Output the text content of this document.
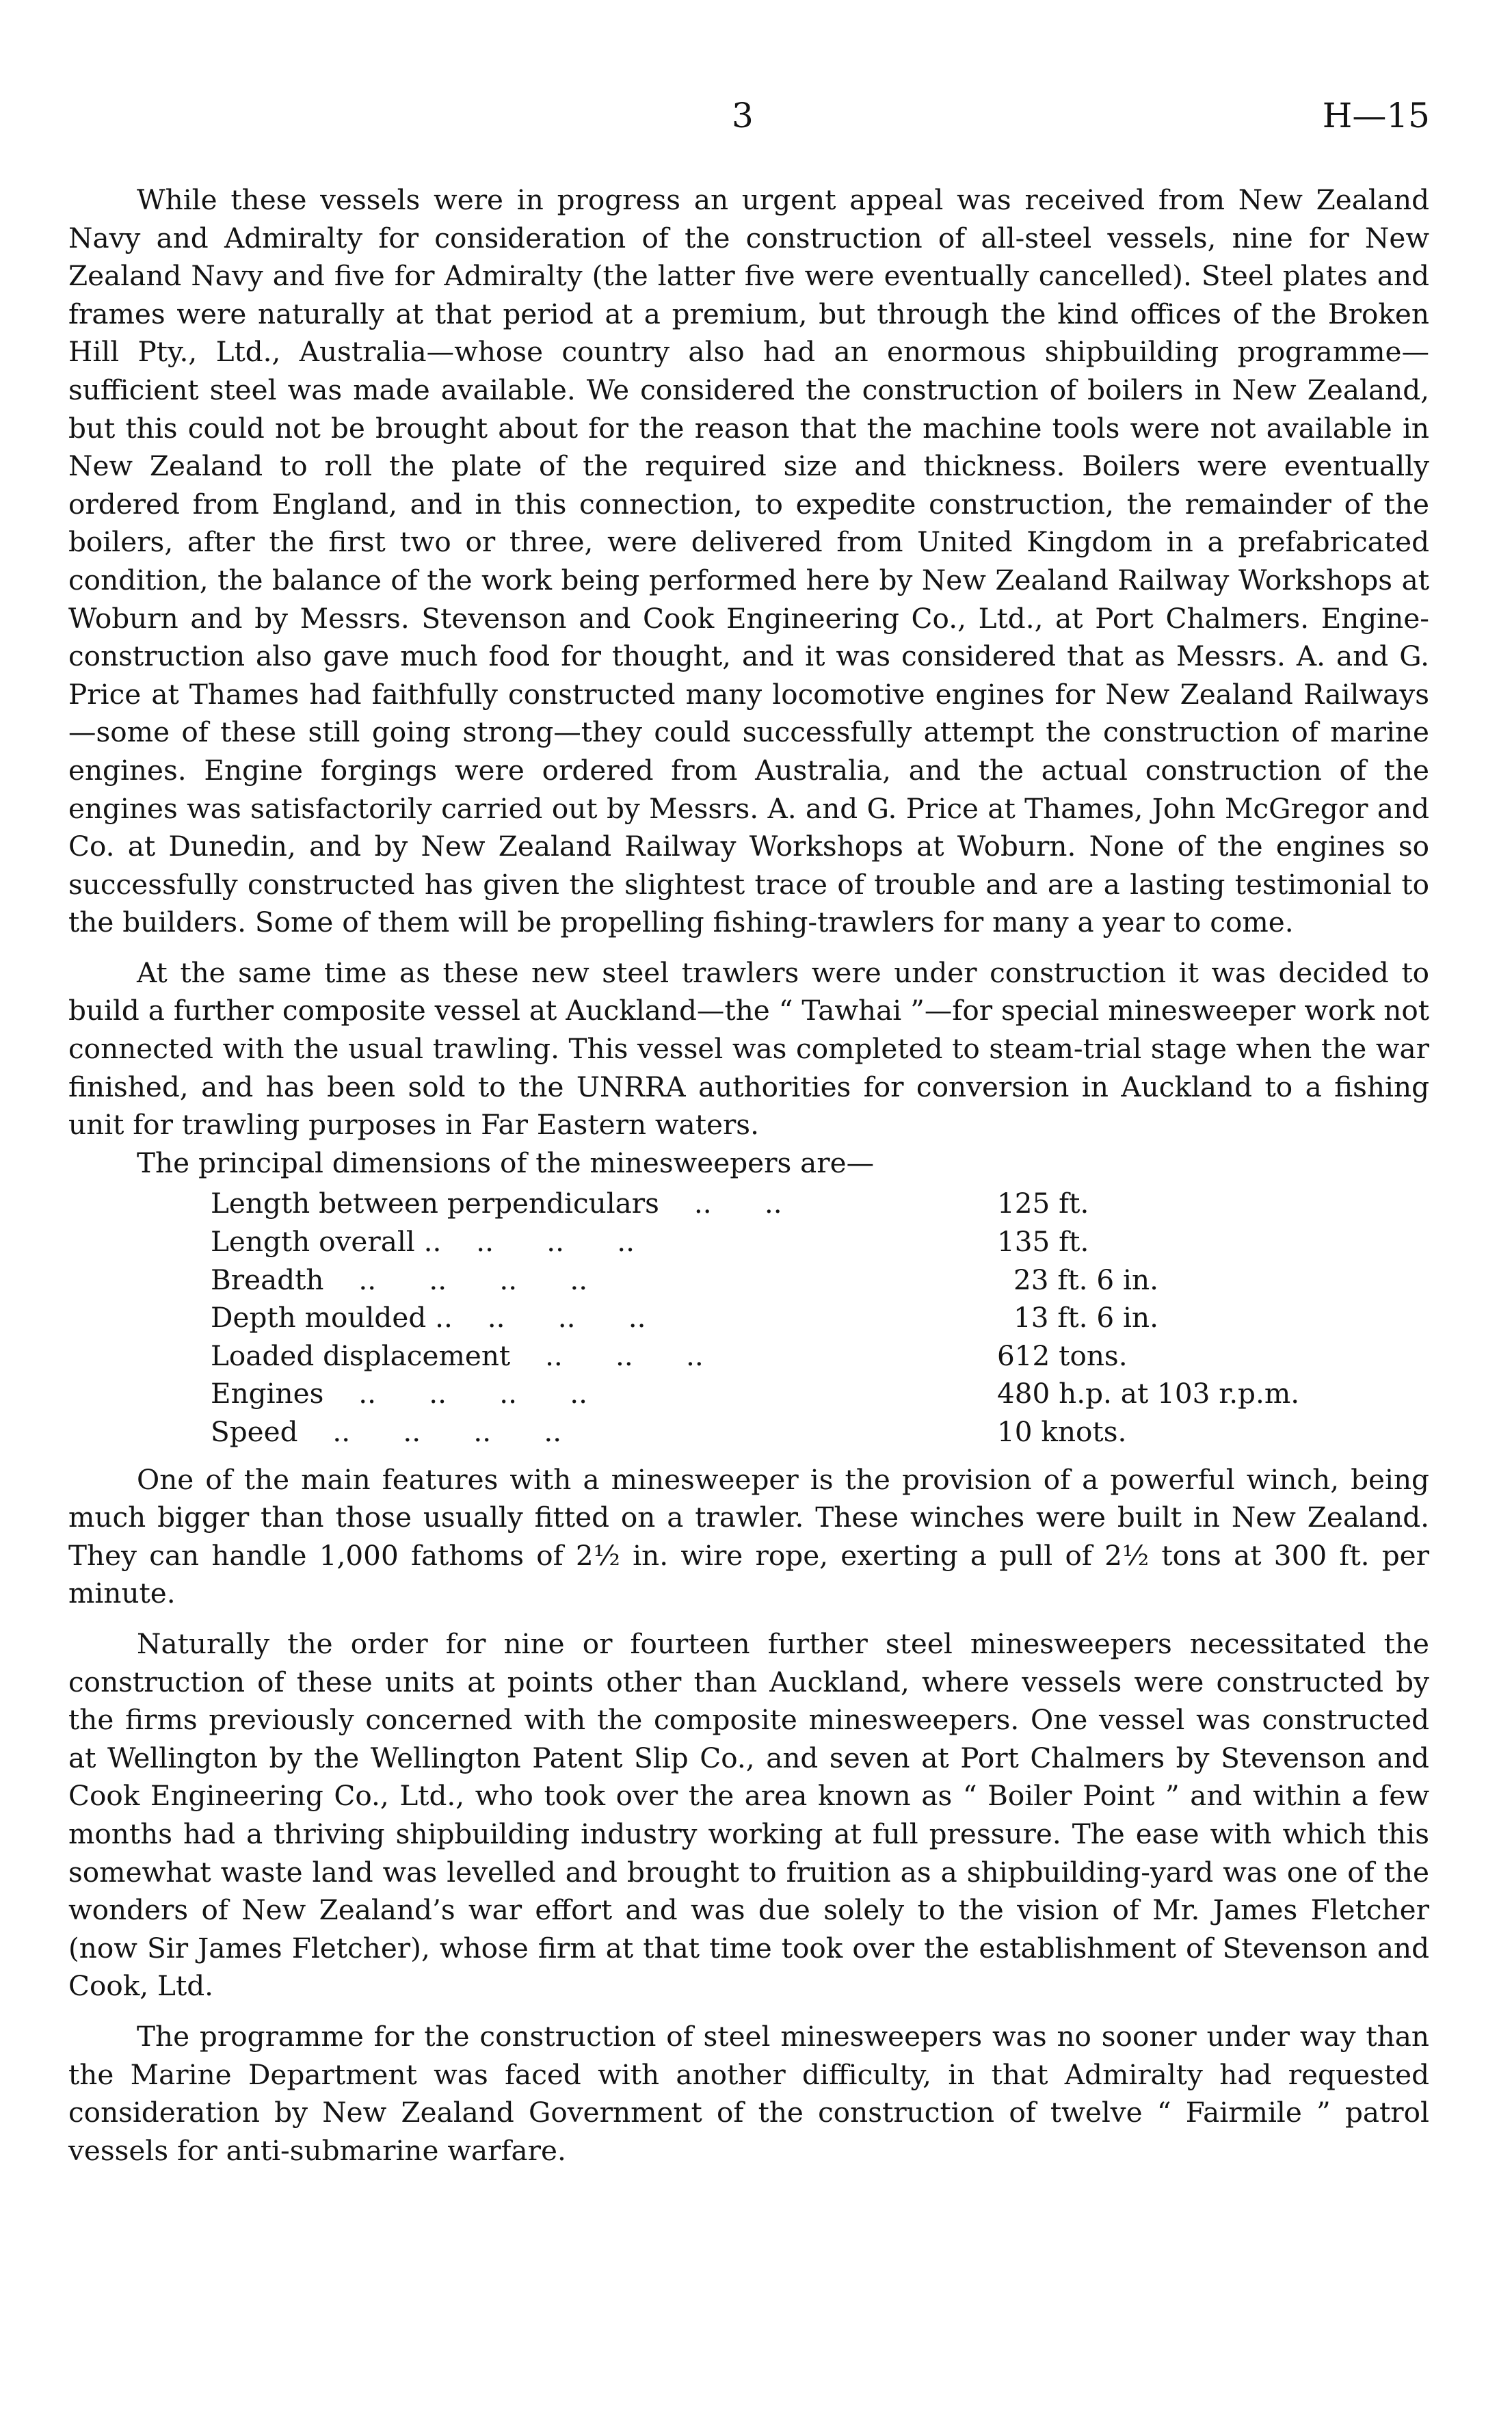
3	H—15

While these vessels were in progress an urgent appeal was received from New Zealand Navy and Admiralty for consideration of the construction of all-steel vessels, nine for New Zealand Navy and five for Admiralty (the latter five were eventually cancelled). Steel plates and frames were naturally at that period at a premium, but through the kind offices of the Broken Hill Pty., Ltd., Australia—whose country also had an enormous shipbuilding programme—sufficient steel was made available. We considered the construction of boilers in New Zealand, but this could not be brought about for the reason that the machine tools were not available in New Zealand to roll the plate of the required size and thickness. Boilers were eventually ordered from England, and in this connection, to expedite construction, the remainder of the boilers, after the first two or three, were delivered from United Kingdom in a prefabricated condition, the balance of the work being performed here by New Zealand Railway Workshops at Woburn and by Messrs. Stevenson and Cook Engineering Co., Ltd., at Port Chalmers. Engine-construction also gave much food for thought, and it was considered that as Messrs. A. and G. Price at Thames had faithfully constructed many locomotive engines for New Zealand Railways—some of these still going strong—they could successfully attempt the construction of marine engines. Engine forgings were ordered from Australia, and the actual construction of the engines was satisfactorily carried out by Messrs. A. and G. Price at Thames, John McGregor and Co. at Dunedin, and by New Zealand Railway Workshops at Woburn. None of the engines so successfully constructed has given the slightest trace of trouble and are a lasting testimonial to the builders. Some of them will be propelling fishing-trawlers for many a year to come.

At the same time as these new steel trawlers were under construction it was decided to build a further composite vessel at Auckland—the “ Tawhai ”—for special minesweeper work not connected with the usual trawling. This vessel was completed to steam-trial stage when the war finished, and has been sold to the UNRRA authorities for conversion in Auckland to a fishing unit for trawling purposes in Far Eastern waters.

The principal dimensions of the minesweepers are—

Length between perpendiculars ..      ..	125 ft.
Length overall .. ..      ..      ..	135 ft.
Breadth ..      ..      ..      ..	23 ft. 6 in.
Depth moulded .. ..      ..      ..	13 ft. 6 in.
Loaded displacement ..      ..      ..	612 tons.
Engines ..      ..      ..      ..	480 h.p. at 103 r.p.m.
Speed ..      ..      ..      ..	10 knots.

One of the main features with a minesweeper is the provision of a powerful winch, being much bigger than those usually fitted on a trawler. These winches were built in New Zealand. They can handle 1,000 fathoms of 2½ in. wire rope, exerting a pull of 2½ tons at 300 ft. per minute.

Naturally the order for nine or fourteen further steel minesweepers necessitated the construction of these units at points other than Auckland, where vessels were constructed by the firms previously concerned with the composite minesweepers. One vessel was constructed at Wellington by the Wellington Patent Slip Co., and seven at Port Chalmers by Stevenson and Cook Engineering Co., Ltd., who took over the area known as “ Boiler Point ” and within a few months had a thriving shipbuilding industry working at full pressure. The ease with which this somewhat waste land was levelled and brought to fruition as a shipbuilding-yard was one of the wonders of New Zealand’s war effort and was due solely to the vision of Mr. James Fletcher (now Sir James Fletcher), whose firm at that time took over the establishment of Stevenson and Cook, Ltd.

The programme for the construction of steel minesweepers was no sooner under way than the Marine Department was faced with another difficulty, in that Admiralty had requested consideration by New Zealand Government of the construction of twelve “ Fairmile ” patrol vessels for anti-submarine warfare.
